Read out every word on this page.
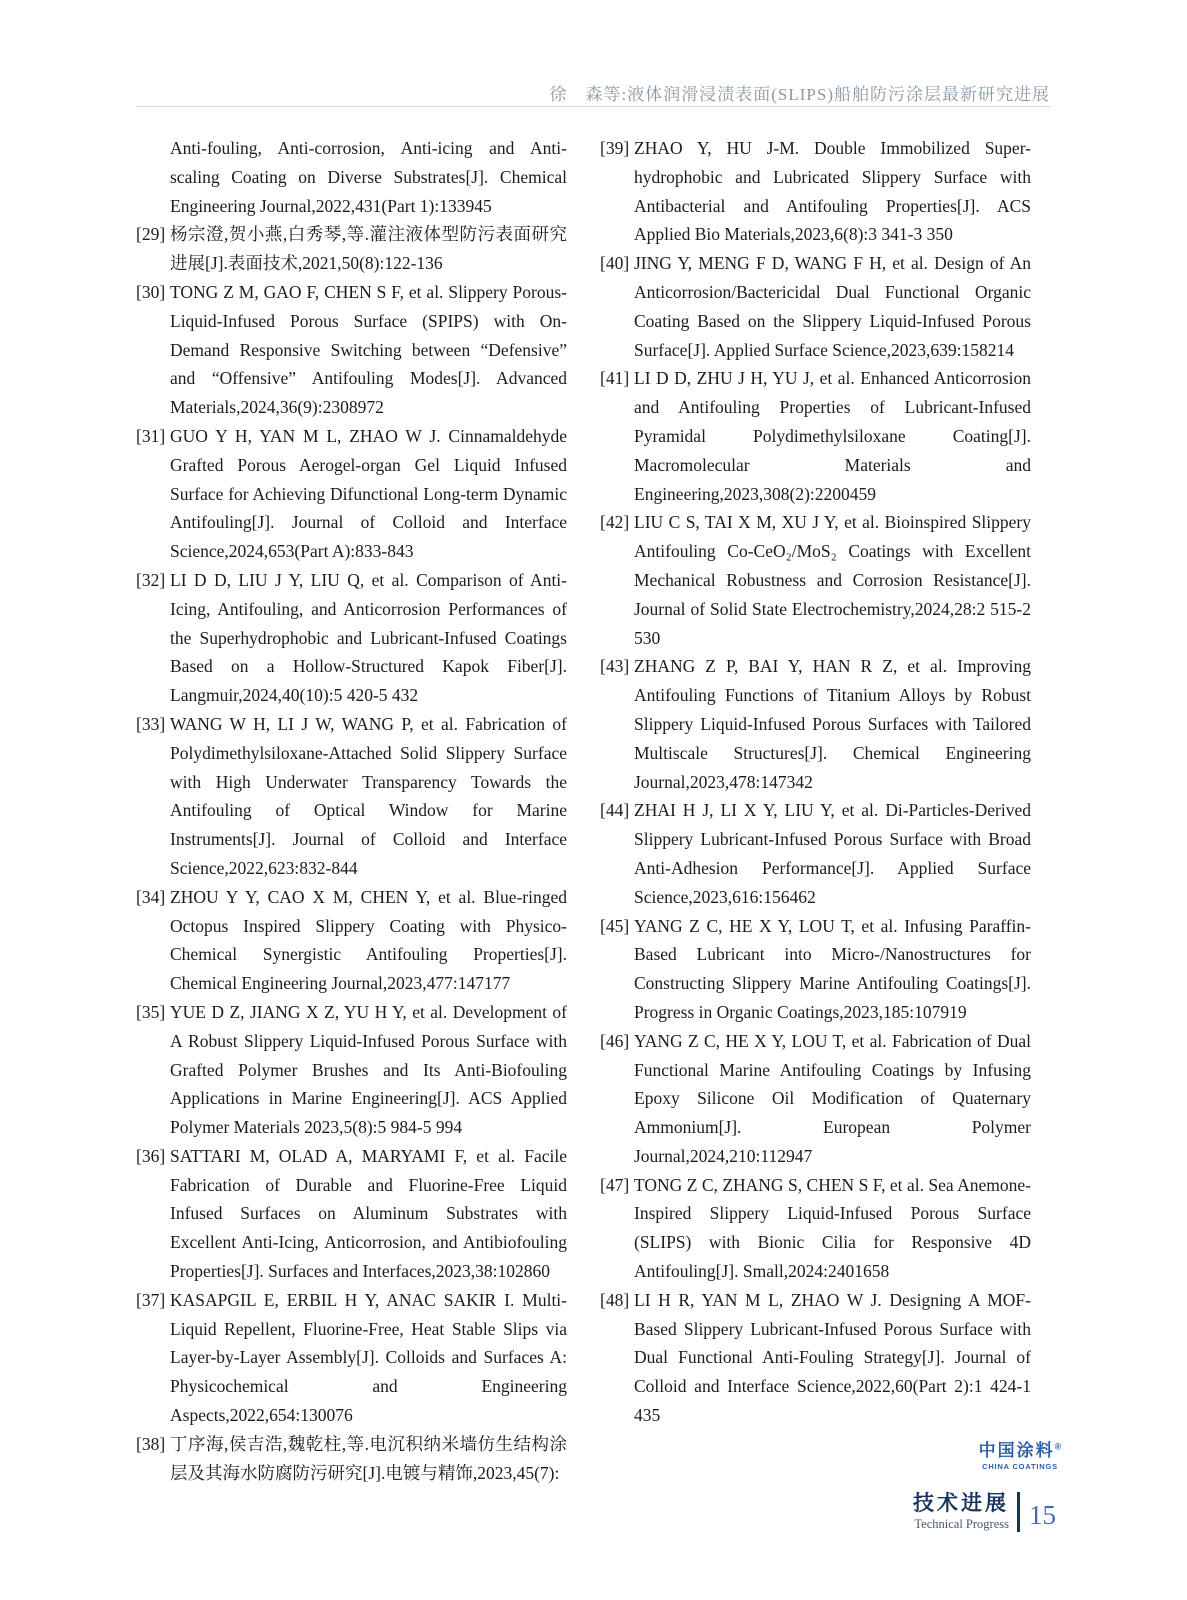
徐　森等:液体润滑浸渍表面(SLIPS)船舶防污涂层最新研究进展
Anti-fouling, Anti-corrosion, Anti-icing and Anti-scaling Coating on Diverse Substrates[J]. Chemical Engineering Journal,2022,431(Part 1):133945
[29] 杨宗澄,贺小燕,白秀琴,等.灌注液体型防污表面研究进展[J].表面技术,2021,50(8):122-136
[30] TONG Z M, GAO F, CHEN S F, et al. Slippery Porous-Liquid-Infused Porous Surface (SPIPS) with On-Demand Responsive Switching between “Defensive” and “Offensive” Antifouling Modes[J]. Advanced Materials,2024,36(9):2308972
[31] GUO Y H, YAN M L, ZHAO W J. Cinnamaldehyde Grafted Porous Aerogel-organ Gel Liquid Infused Surface for Achieving Difunctional Long-term Dynamic Antifouling[J]. Journal of Colloid and Interface Science,2024,653(Part A):833-843
[32] LI D D, LIU J Y, LIU Q, et al. Comparison of Anti-Icing, Antifouling, and Anticorrosion Performances of the Superhydrophobic and Lubricant-Infused Coatings Based on a Hollow-Structured Kapok Fiber[J]. Langmuir,2024,40(10):5 420-5 432
[33] WANG W H, LI J W, WANG P, et al. Fabrication of Polydimethylsiloxane-Attached Solid Slippery Surface with High Underwater Transparency Towards the Antifouling of Optical Window for Marine Instruments[J]. Journal of Colloid and Interface Science,2022,623:832-844
[34] ZHOU Y Y, CAO X M, CHEN Y, et al. Blue-ringed Octopus Inspired Slippery Coating with Physico-Chemical Synergistic Antifouling Properties[J]. Chemical Engineering Journal,2023,477:147177
[35] YUE D Z, JIANG X Z, YU H Y, et al. Development of A Robust Slippery Liquid-Infused Porous Surface with Grafted Polymer Brushes and Its Anti-Biofouling Applications in Marine Engineering[J]. ACS Applied Polymer Materials 2023,5(8):5 984-5 994
[36] SATTARI M, OLAD A, MARYAMI F, et al. Facile Fabrication of Durable and Fluorine-Free Liquid Infused Surfaces on Aluminum Substrates with Excellent Anti-Icing, Anticorrosion, and Antibiofouling Properties[J]. Surfaces and Interfaces,2023,38:102860
[37] KASAPGIL E, ERBIL H Y, ANAC SAKIR I. Multi-Liquid Repellent, Fluorine-Free, Heat Stable Slips via Layer-by-Layer Assembly[J]. Colloids and Surfaces A: Physicochemical and Engineering Aspects,2022,654:130076
[38] 丁序海,侯吉浩,魏乾柱,等.电沉积纳米墙仿生结构涂层及其海水防腐防污研究[J].电镀与精饰,2023,45(7):
[39] ZHAO Y, HU J-M. Double Immobilized Super-hydrophobic and Lubricated Slippery Surface with Antibacterial and Antifouling Properties[J]. ACS Applied Bio Materials,2023,6(8):3 341-3 350
[40] JING Y, MENG F D, WANG F H, et al. Design of An Anticorrosion/Bactericidal Dual Functional Organic Coating Based on the Slippery Liquid-Infused Porous Surface[J]. Applied Surface Science,2023,639:158214
[41] LI D D, ZHU J H, YU J, et al. Enhanced Anticorrosion and Antifouling Properties of Lubricant-Infused Pyramidal Polydimethylsiloxane Coating[J]. Macromolecular Materials and Engineering,2023,308(2):2200459
[42] LIU C S, TAI X M, XU J Y, et al. Bioinspired Slippery Antifouling Co-CeO₂/MoS₂ Coatings with Excellent Mechanical Robustness and Corrosion Resistance[J]. Journal of Solid State Electrochemistry,2024,28:2 515-2 530
[43] ZHANG Z P, BAI Y, HAN R Z, et al. Improving Antifouling Functions of Titanium Alloys by Robust Slippery Liquid-Infused Porous Surfaces with Tailored Multiscale Structures[J]. Chemical Engineering Journal,2023,478:147342
[44] ZHAI H J, LI X Y, LIU Y, et al. Di-Particles-Derived Slippery Lubricant-Infused Porous Surface with Broad Anti-Adhesion Performance[J]. Applied Surface Science,2023,616:156462
[45] YANG Z C, HE X Y, LOU T, et al. Infusing Paraffin-Based Lubricant into Micro-/Nanostructures for Constructing Slippery Marine Antifouling Coatings[J]. Progress in Organic Coatings,2023,185:107919
[46] YANG Z C, HE X Y, LOU T, et al. Fabrication of Dual Functional Marine Antifouling Coatings by Infusing Epoxy Silicone Oil Modification of Quaternary Ammonium[J]. European Polymer Journal,2024,210:112947
[47] TONG Z C, ZHANG S, CHEN S F, et al. Sea Anemone-Inspired Slippery Liquid-Infused Porous Surface (SLIPS) with Bionic Cilia for Responsive 4D Antifouling[J]. Small,2024:2401658
[48] LI H R, YAN M L, ZHAO W J. Designing A MOF-Based Slippery Lubricant-Infused Porous Surface with Dual Functional Anti-Fouling Strategy[J]. Journal of Colloid and Interface Science,2022,60(Part 2):1 424-1 435
中国涂料®
CHINA COATINGS
技术进展
Technical Progress 15
